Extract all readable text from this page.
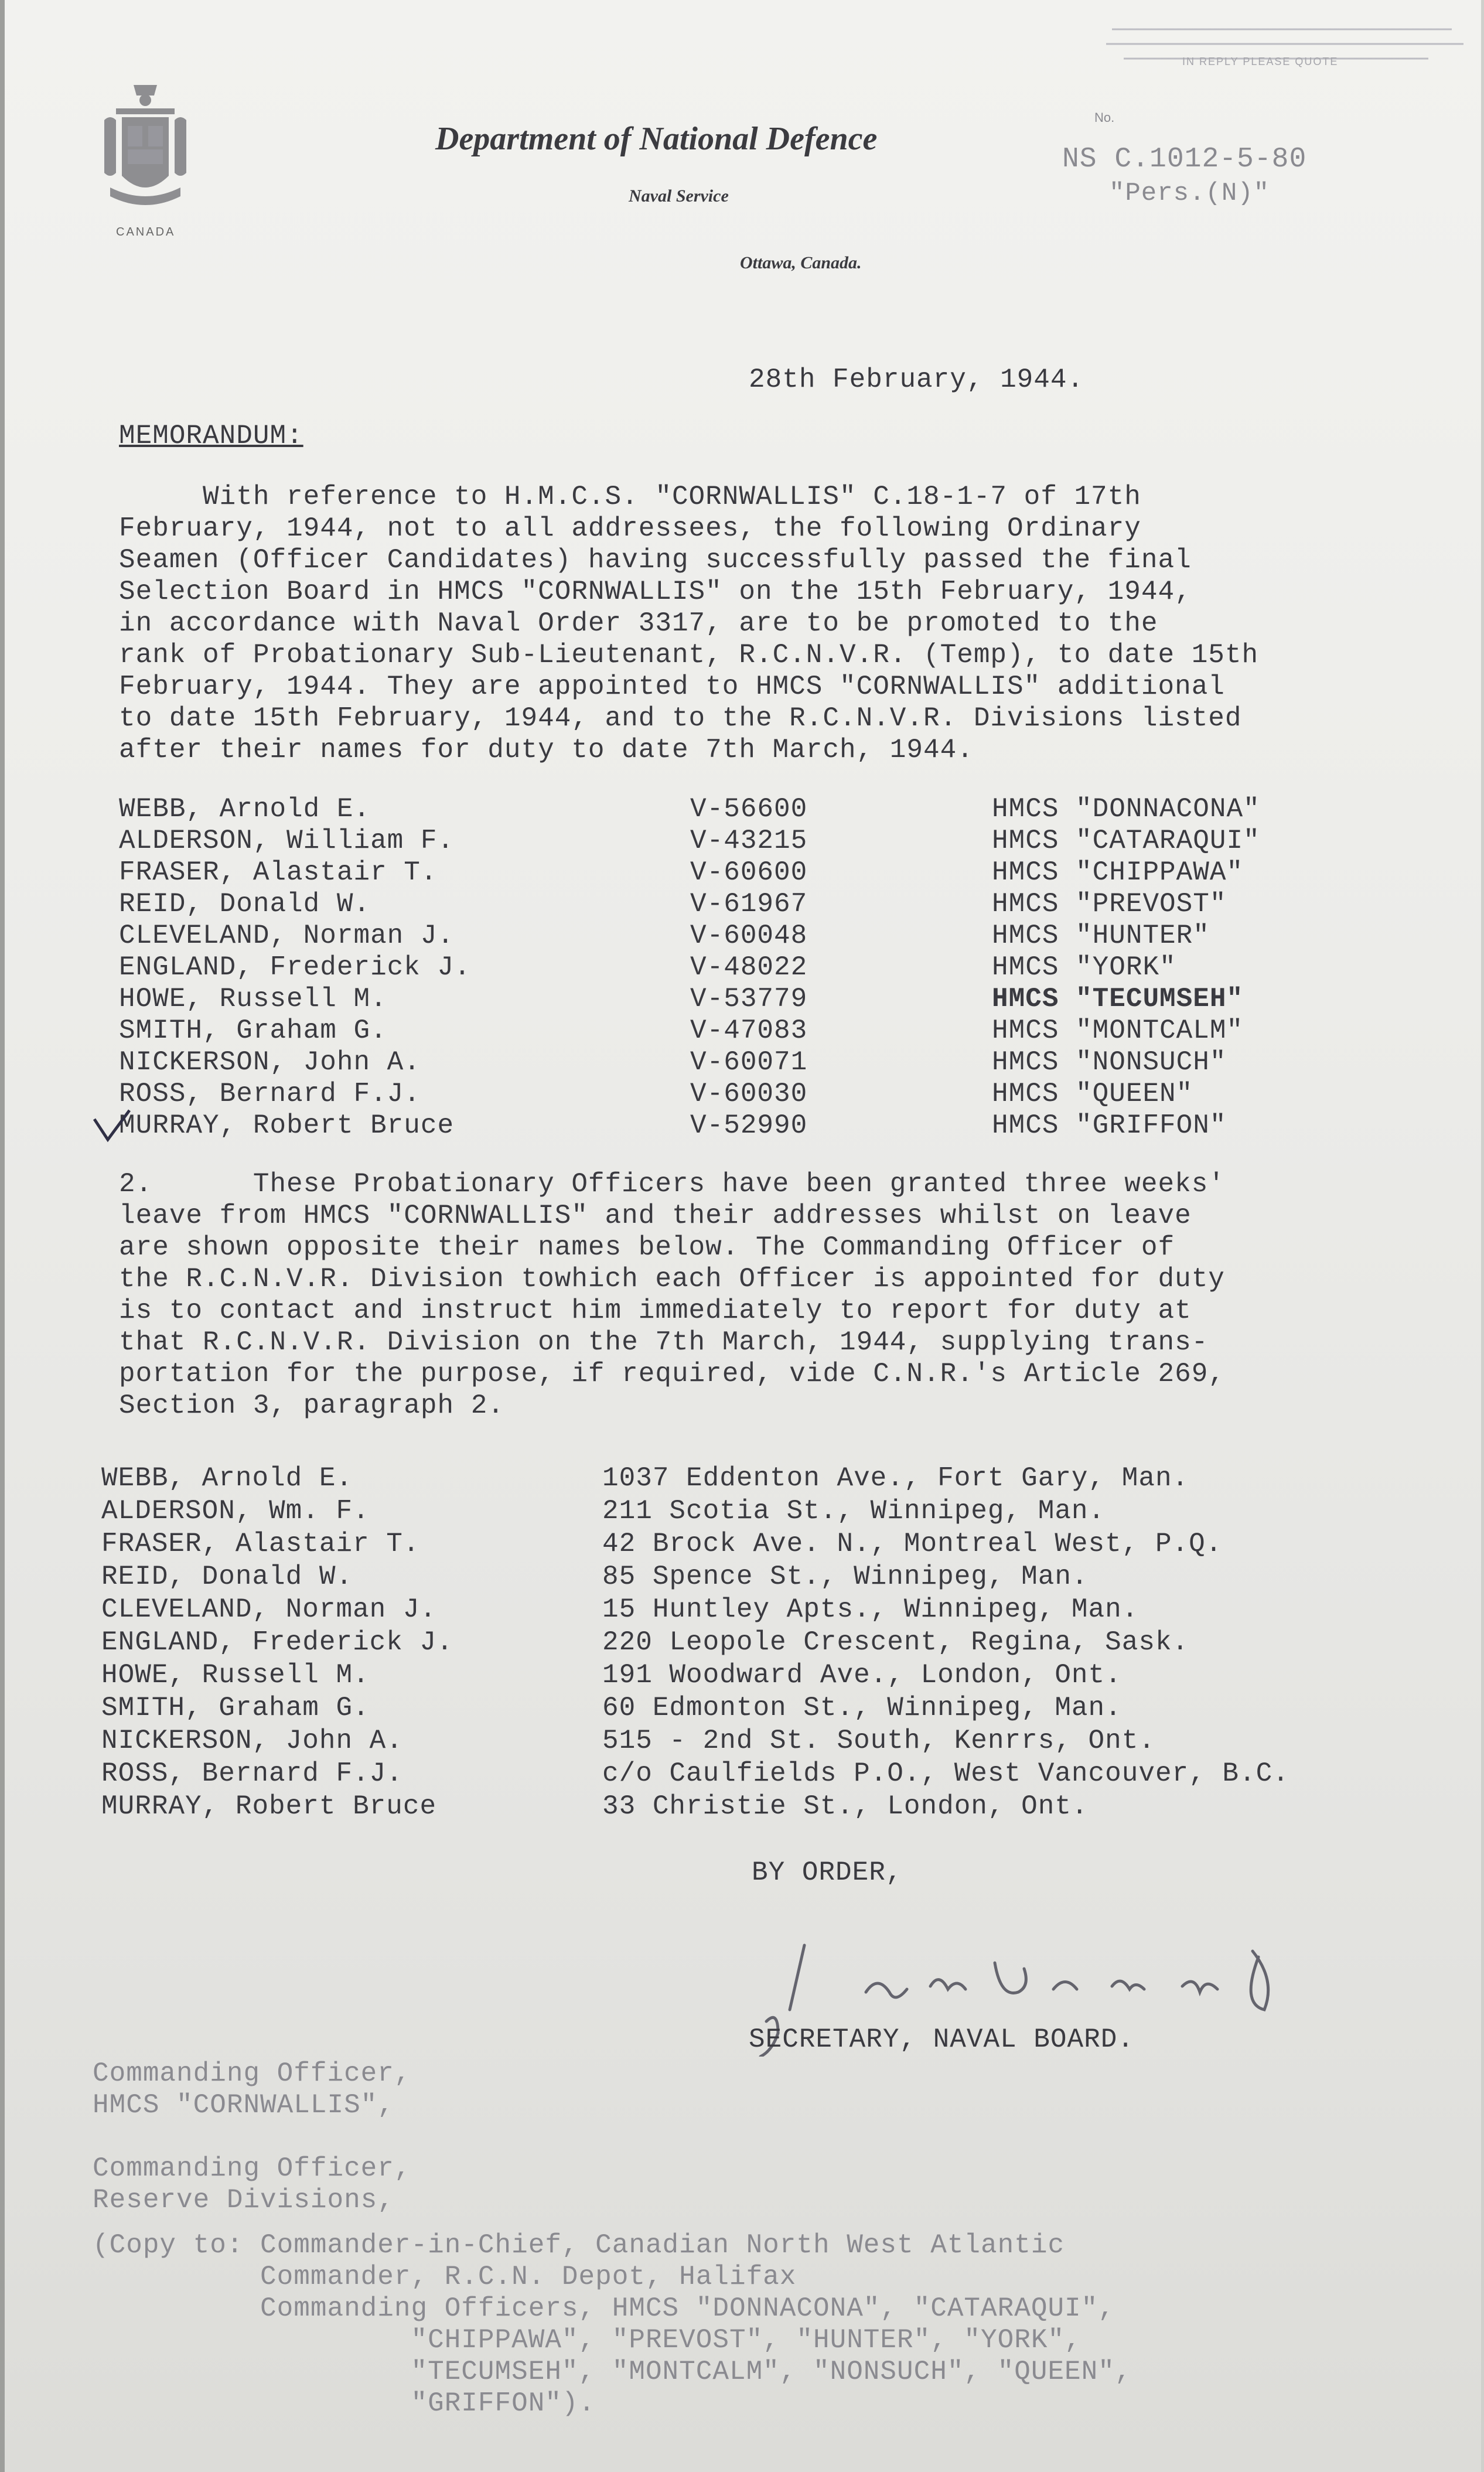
CANADA
IN REPLY PLEASE QUOTE
Department of National Defence
Naval Service
Ottawa, Canada.
No.
NS C.1012-5-80
"Pers.(N)"
28th February, 1944.
MEMORANDUM:
With reference to H.M.C.S. "CORNWALLIS" C.18-1-7 of 17th
February, 1944, not to all addressees, the following Ordinary
Seamen (Officer Candidates) having successfully passed the final
Selection Board in HMCS "CORNWALLIS" on the 15th February, 1944,
in accordance with Naval Order 3317, are to be promoted to the
rank of Probationary Sub-Lieutenant, R.C.N.V.R. (Temp), to date 15th
February, 1944. They are appointed to HMCS "CORNWALLIS" additional
to date 15th February, 1944, and to the R.C.N.V.R. Divisions listed
after their names for duty to date 7th March, 1944.
WEBB, Arnold E.	V-56600	HMCS "DONNACONA"
ALDERSON, William F.	V-43215	HMCS "CATARAQUI"
FRASER, Alastair T.	V-60600	HMCS "CHIPPAWA"
REID, Donald W.	V-61967	HMCS "PREVOST"
CLEVELAND, Norman J.	V-60048	HMCS "HUNTER"
ENGLAND, Frederick J.	V-48022	HMCS "YORK"
HOWE, Russell M.	V-53779	HMCS "TECUMSEH"
SMITH, Graham G.	V-47083	HMCS "MONTCALM"
NICKERSON, John A.	V-60071	HMCS "NONSUCH"
ROSS, Bernard F.J.	V-60030	HMCS "QUEEN"
MURRAY, Robert Bruce	V-52990	HMCS "GRIFFON"
2.      These Probationary Officers have been granted three weeks'
leave from HMCS "CORNWALLIS" and their addresses whilst on leave
are shown opposite their names below. The Commanding Officer of
the R.C.N.V.R. Division towhich each Officer is appointed for duty
is to contact and instruct him immediately to report for duty at
that R.C.N.V.R. Division on the 7th March, 1944, supplying trans-
portation for the purpose, if required, vide C.N.R.'s Article 269,
Section 3, paragraph 2.
WEBB, Arnold E.	1037 Eddenton Ave., Fort Gary, Man.
ALDERSON, Wm. F.	211 Scotia St., Winnipeg, Man.
FRASER, Alastair T.	42 Brock Ave. N., Montreal West, P.Q.
REID, Donald W.	85 Spence St., Winnipeg, Man.
CLEVELAND, Norman J.	15 Huntley Apts., Winnipeg, Man.
ENGLAND, Frederick J.	220 Leopole Crescent, Regina, Sask.
HOWE, Russell M.	191 Woodward Ave., London, Ont.
SMITH, Graham G.	60 Edmonton St., Winnipeg, Man.
NICKERSON, John A.	515 - 2nd St. South, Kenrrs, Ont.
ROSS, Bernard F.J.	c/o Caulfields P.O., West Vancouver, B.C.
MURRAY, Robert Bruce	33 Christie St., London, Ont.
BY ORDER,
SECRETARY, NAVAL BOARD.
Commanding Officer,
HMCS "CORNWALLIS",
Commanding Officer,
Reserve Divisions,
(Copy to: Commander-in-Chief, Canadian North West Atlantic
Commander, R.C.N. Depot, Halifax
Commanding Officers, HMCS "DONNACONA", "CATARAQUI",
"CHIPPAWA", "PREVOST", "HUNTER", "YORK",
"TECUMSEH", "MONTCALM", "NONSUCH", "QUEEN",
"GRIFFON").
